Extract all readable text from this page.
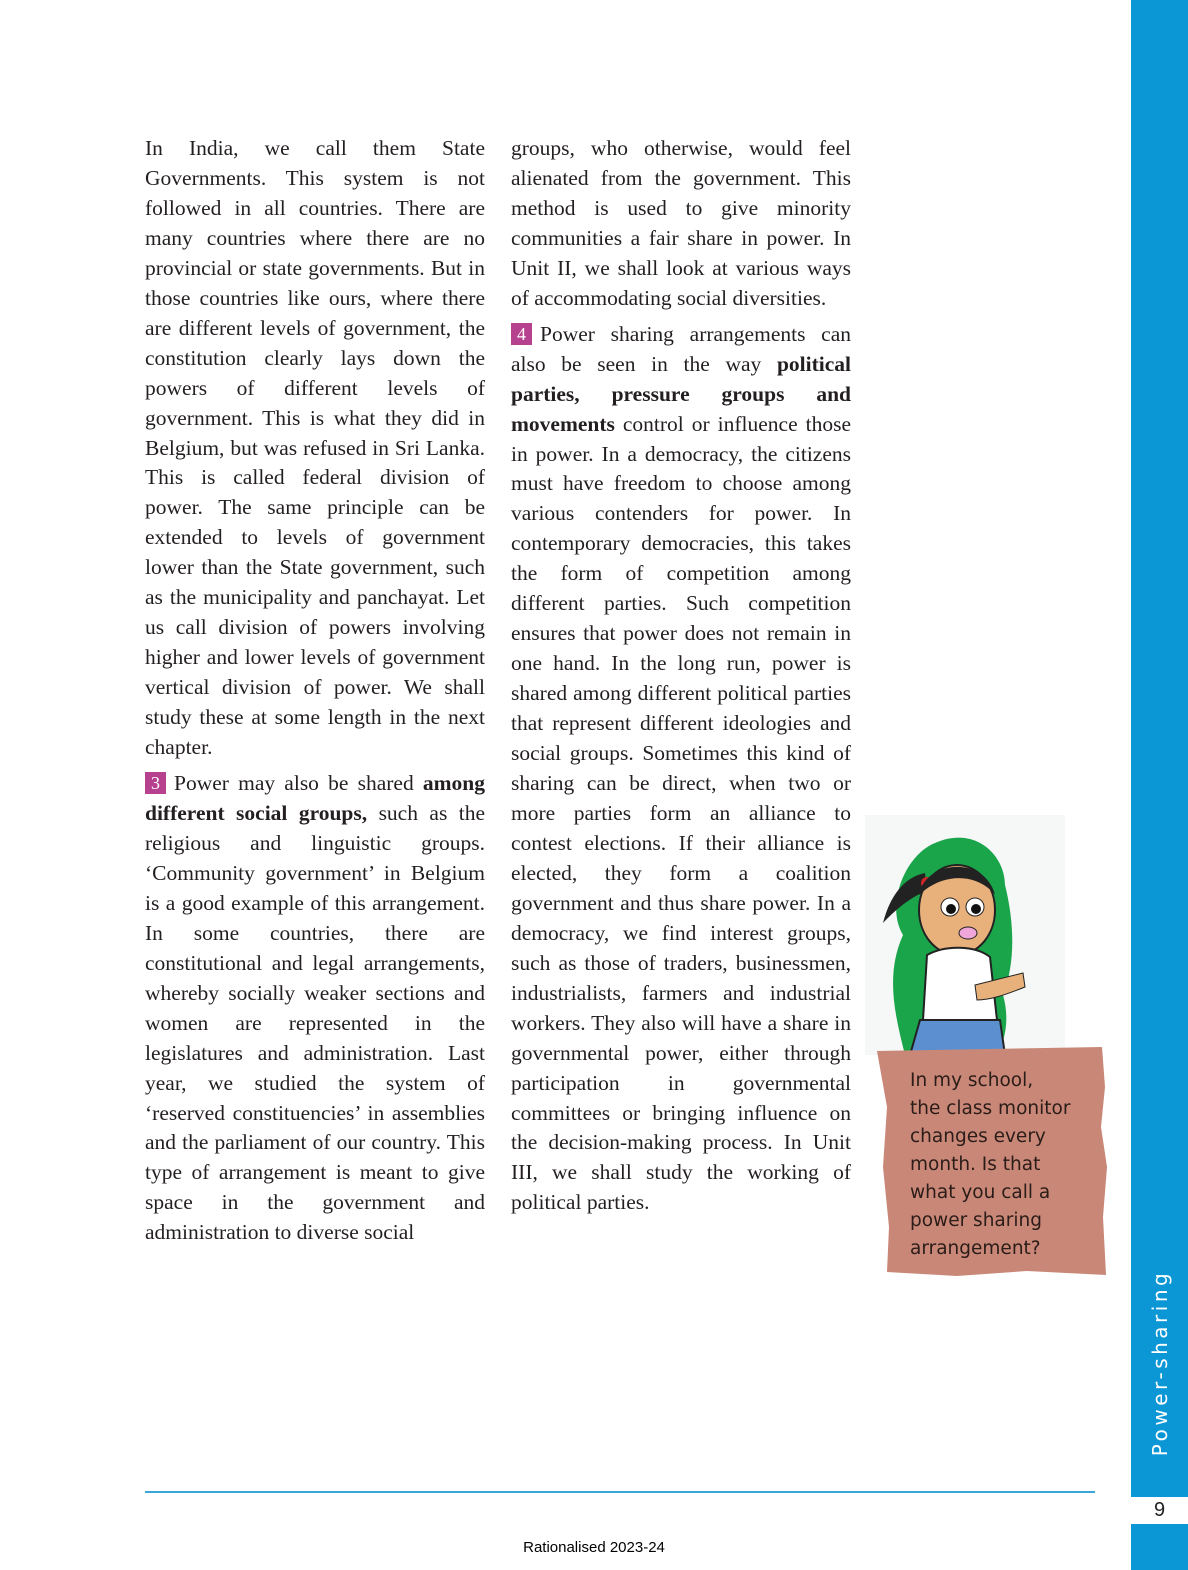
In India, we call them State Governments. This system is not followed in all countries. There are many countries where there are no provincial or state governments. But in those countries like ours, where there are different levels of government, the constitution clearly lays down the powers of different levels of government. This is what they did in Belgium, but was refused in Sri Lanka. This is called federal division of power. The same principle can be extended to levels of government lower than the State government, such as the municipality and panchayat. Let us call division of powers involving higher and lower levels of government vertical division of power. We shall study these at some length in the next chapter.

3 Power may also be shared among different social groups, such as the religious and linguistic groups. ‘Community government’ in Belgium is a good example of this arrangement. In some countries, there are constitutional and legal arrangements, whereby socially weaker sections and women are represented in the legislatures and administration. Last year, we studied the system of ‘reserved constituencies’ in assemblies and the parliament of our country. This type of arrangement is meant to give space in the government and administration to diverse social

groups, who otherwise, would feel alienated from the government. This method is used to give minority communities a fair share in power. In Unit II, we shall look at various ways of accommodating social diversities.

4 Power sharing arrangements can also be seen in the way political parties, pressure groups and movements control or influence those in power. In a democracy, the citizens must have freedom to choose among various contenders for power. In contemporary democracies, this takes the form of competition among different parties. Such competition ensures that power does not remain in one hand. In the long run, power is shared among different political parties that represent different ideologies and social groups. Sometimes this kind of sharing can be direct, when two or more parties form an alliance to contest elections. If their alliance is elected, they form a coalition government and thus share power. In a democracy, we find interest groups, such as those of traders, businessmen, industrialists, farmers and industrial workers. They also will have a share in governmental power, either through participation in governmental committees or bringing influence on the decision-making process. In Unit III, we shall study the working of political parties.

In my school,
the class monitor
changes every
month. Is that
what you call a
power sharing
arrangement?
Power-sharing
9
Rationalised 2023-24
